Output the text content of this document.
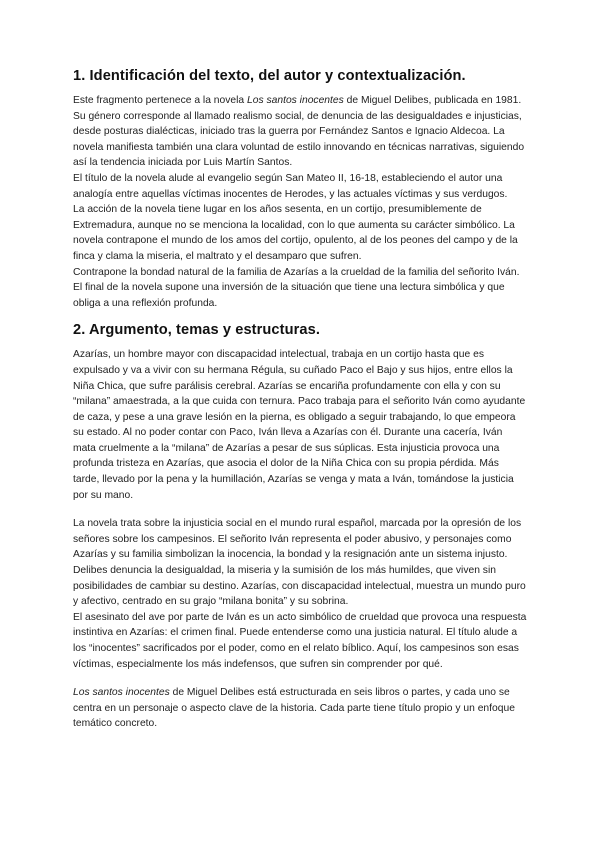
1. Identificación del texto, del autor y contextualización.

Este fragmento pertenece a la novela Los santos inocentes de Miguel Delibes, publicada en 1981. Su género corresponde al llamado realismo social, de denuncia de las desigualdades e injusticias, desde posturas dialécticas, iniciado tras la guerra por Fernández Santos e Ignacio Aldecoa. La novela manifiesta también una clara voluntad de estilo innovando en técnicas narrativas, siguiendo así la tendencia iniciada por Luis Martín Santos.

El título de la novela alude al evangelio según San Mateo II, 16-18, estableciendo el autor una analogía entre aquellas víctimas inocentes de Herodes, y las actuales víctimas y sus verdugos.

La acción de la novela tiene lugar en los años sesenta, en un cortijo, presumiblemente de Extremadura, aunque no se menciona la localidad, con lo que aumenta su carácter simbólico. La novela contrapone el mundo de los amos del cortijo, opulento, al de los peones del campo y de la finca y clama la miseria, el maltrato y el desamparo que sufren.

Contrapone la bondad natural de la familia de Azarías a la crueldad de la familia del señorito Iván. El final de la novela supone una inversión de la situación que tiene una lectura simbólica y que obliga a una reflexión profunda.

2. Argumento, temas y estructuras.

Azarías, un hombre mayor con discapacidad intelectual, trabaja en un cortijo hasta que es expulsado y va a vivir con su hermana Régula, su cuñado Paco el Bajo y sus hijos, entre ellos la Niña Chica, que sufre parálisis cerebral. Azarías se encariña profundamente con ella y con su “milana” amaestrada, a la que cuida con ternura. Paco trabaja para el señorito Iván como ayudante de caza, y pese a una grave lesión en la pierna, es obligado a seguir trabajando, lo que empeora su estado. Al no poder contar con Paco, Iván lleva a Azarías con él. Durante una cacería, Iván mata cruelmente a la “milana” de Azarías a pesar de sus súplicas. Esta injusticia provoca una profunda tristeza en Azarías, que asocia el dolor de la Niña Chica con su propia pérdida. Más tarde, llevado por la pena y la humillación, Azarías se venga y mata a Iván, tomándose la justicia por su mano.

La novela trata sobre la injusticia social en el mundo rural español, marcada por la opresión de los señores sobre los campesinos. El señorito Iván representa el poder abusivo, y personajes como Azarías y su familia simbolizan la inocencia, la bondad y la resignación ante un sistema injusto.

Delibes denuncia la desigualdad, la miseria y la sumisión de los más humildes, que viven sin posibilidades de cambiar su destino. Azarías, con discapacidad intelectual, muestra un mundo puro y afectivo, centrado en su grajo “milana bonita” y su sobrina.

El asesinato del ave por parte de Iván es un acto simbólico de crueldad que provoca una respuesta instintiva en Azarías: el crimen final. Puede entenderse como una justicia natural. El título alude a los “inocentes” sacrificados por el poder, como en el relato bíblico. Aquí, los campesinos son esas víctimas, especialmente los más indefensos, que sufren sin comprender por qué.

Los santos inocentes de Miguel Delibes está estructurada en seis libros o partes, y cada uno se centra en un personaje o aspecto clave de la historia. Cada parte tiene título propio y un enfoque temático concreto.
